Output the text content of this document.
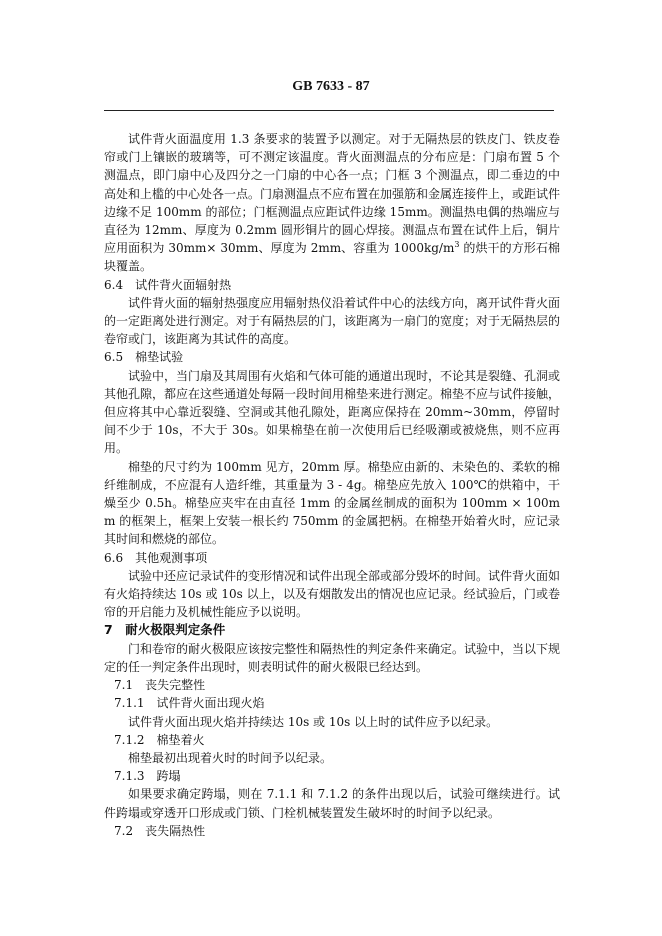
GB 7633 - 87

试件背火面温度用 1.3 条要求的装置予以测定。对于无隔热层的铁皮门、铁皮卷帘或门上镶嵌的玻璃等，可不测定该温度。背火面测温点的分布应是：门扇布置 5 个测温点，即门扇中心及四分之一门扇的中心各一点；门框 3 个测温点，即二垂边的中高处和上槛的中心处各一点。门扇测温点不应布置在加强筋和金属连接件上，或距试件边缘不足 100mm 的部位；门框测温点应距试件边缘 15mm。测温热电偶的热端应与直径为 12mm、厚度为 0.2mm 圆形铜片的圆心焊接。测温点布置在试件上后，铜片应用面积为 30mm× 30mm、厚度为 2mm、容重为 $1000kg/m^3$ 的烘干的方形石棉块覆盖。

6.4　试件背火面辐射热

试件背火面的辐射热强度应用辐射热仪沿着试件中心的法线方向，离开试件背火面的一定距离处进行测定。对于有隔热层的门，该距离为一扇门的宽度；对于无隔热层的卷帘或门，该距离为其试件的高度。

6.5　棉垫试验

试验中，当门扇及其周围有火焰和气体可能的通道出现时，不论其是裂缝、孔洞或其他孔隙，都应在这些通道处每隔一段时间用棉垫来进行测定。棉垫不应与试件接触，但应将其中心靠近裂缝、空洞或其他孔隙处，距离应保持在 20mm~30mm，停留时间不少于 10s，不大于 30s。如果棉垫在前一次使用后已经吸潮或被烧焦，则不应再用。

棉垫的尺寸约为 100mm 见方，20mm 厚。棉垫应由新的、未染色的、柔软的棉纤维制成，不应混有人造纤维，其重量为 3 - 4g。棉垫应先放入 100℃的烘箱中，干燥至少 0.5h。棉垫应夹牢在由直径 1mm 的金属丝制成的面积为 100mm × 100mm 的框架上，框架上安装一根长约 750mm 的金属把柄。在棉垫开始着火时，应记录其时间和燃烧的部位。

6.6　其他观测事项

试验中还应记录试件的变形情况和试件出现全部或部分毁坏的时间。试件背火面如有火焰持续达 10s 或 10s 以上，以及有烟散发出的情况也应记录。经试验后，门或卷帘的开启能力及机械性能应予以说明。

7　耐火极限判定条件

门和卷帘的耐火极限应该按完整性和隔热性的判定条件来确定。试验中，当以下规定的任一判定条件出现时，则表明试件的耐火极限已经达到。

7.1　丧失完整性

7.1.1　试件背火面出现火焰

试件背火面出现火焰并持续达 10s 或 10s 以上时的试件应予以纪录。

7.1.2　棉垫着火

棉垫最初出现着火时的时间予以纪录。

7.1.3　跨塌

如果要求确定跨塌，则在 7.1.1 和 7.1.2 的条件出现以后，试验可继续进行。试件跨塌或穿透开口形成或门锁、门栓机械装置发生破坏时的时间予以纪录。

7.2　丧失隔热性
